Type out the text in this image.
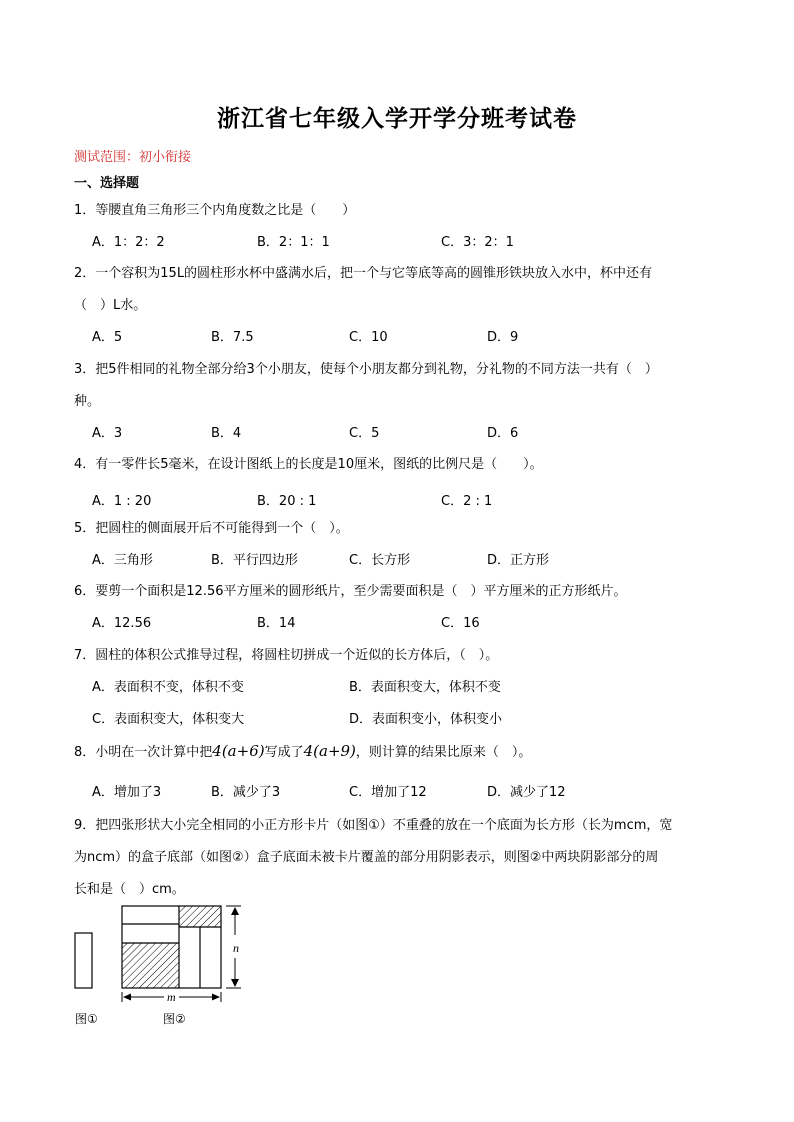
浙江省七年级入学开学分班考试卷
测试范围：初小衔接
一、选择题
1．等腰直角三角形三个内角度数之比是（　　）
A．1：2：2	B．2：1：1	C．3：2：1
2．一个容积为15L的圆柱形水杯中盛满水后，把一个与它等底等高的圆锥形铁块放入水中，杯中还有
（　）L水。
A．5	B．7.5	C．10	D．9
3．把5件相同的礼物全部分给3个小朋友，使每个小朋友都分到礼物，分礼物的不同方法一共有（　）
种。
A．3	B．4	C．5	D．6
4．有一零件长5毫米，在设计图纸上的长度是10厘米，图纸的比例尺是（　　）。
A．1 : 20	B．20 : 1	C．2 : 1
5．把圆柱的侧面展开后不可能得到一个（　）。
A．三角形	B．平行四边形	C．长方形	D．正方形
6．要剪一个面积是12.56平方厘米的圆形纸片，至少需要面积是（　）平方厘米的正方形纸片。
A．12.56	B．14	C．16
7．圆柱的体积公式推导过程，将圆柱切拼成一个近似的长方体后，（　）。
A．表面积不变，体积不变	B．表面积变大，体积不变
C．表面积变大，体积变大	D．表面积变小，体积变小
8．小明在一次计算中把4(a+6)写成了4(a+9)，则计算的结果比原来（　）。
A．增加了3	B．减少了3	C．增加了12	D．减少了12
9．把四张形状大小完全相同的小正方形卡片（如图①）不重叠的放在一个底面为长方形（长为mcm，宽
为ncm）的盒子底部（如图②）盒子底面未被卡片覆盖的部分用阴影表示，则图②中两块阴影部分的周
长和是（　）cm。
n
m
图①	图②
